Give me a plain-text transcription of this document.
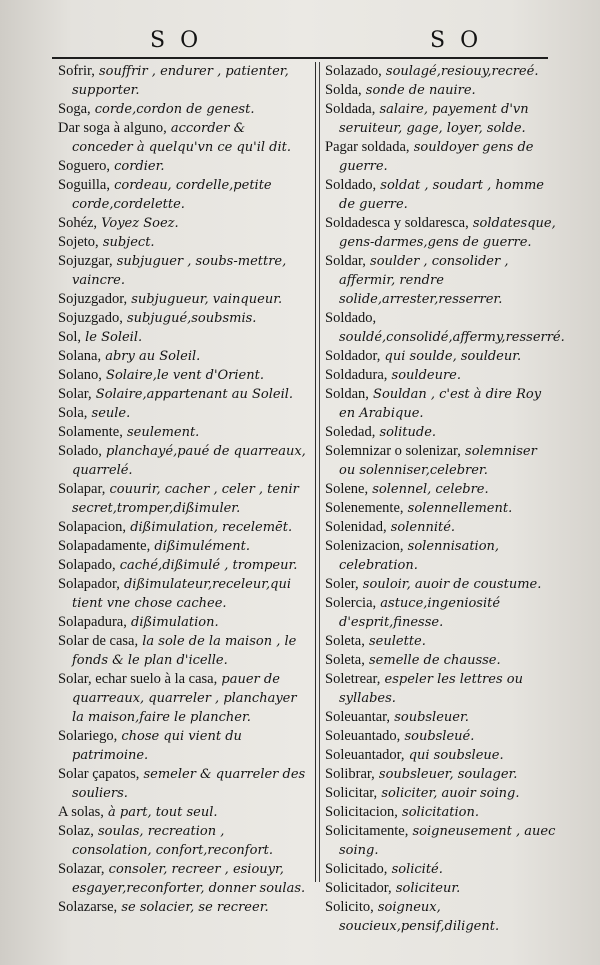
S O	S O

Sofrir, souffrir , endurer , patienter, supporter.

Soga, corde,cordon de genest.

Dar soga à alguno, accorder & conceder à quelqu'vn ce qu'il dit.

Soguero, cordier.

Soguilla, cordeau, cordelle,petite corde,cordelette.

Sohéz, Voyez Soez.

Sojeto, subject.

Sojuzgar, subjuguer , soubs-mettre, vaincre.

Sojuzgador, subjugueur, vainqueur.

Sojuzgado, subjugué,soubsmis.

Sol, le Soleil.

Solana, abry au Soleil.

Solano, Solaire,le vent d'Orient.

Solar, Solaire,appartenant au Soleil.

Sola, seule.

Solamente, seulement.

Solado, planchayé,paué de quarreaux, quarrelé.

Solapar, couurir, cacher , celer , tenir secret,tromper,dißimuler.

Solapacion, dißimulation, recelemēt.

Solapadamente, dißimulément.

Solapado, caché,dißimulé , trompeur.

Solapador, dißimulateur,receleur,qui tient vne chose cachee.

Solapadura, dißimulation.

Solar de casa, la sole de la maison , le fonds & le plan d'icelle.

Solar, echar suelo à la casa, pauer de quarreaux, quarreler , planchayer la maison,faire le plancher.

Solariego, chose qui vient du patrimoine.

Solar çapatos, semeler & quarreler des souliers.

A solas, à part, tout seul.

Solaz, soulas, recreation , consolation, confort,reconfort.

Solazar, consoler, recreer , esiouyr, esgayer,reconforter, donner soulas.

Solazarse, se solacier, se recreer.

Solazado, soulagé,resiouy,recreé.

Solda, sonde de nauire.

Soldada, salaire, payement d'vn seruiteur, gage, loyer, solde.

Pagar soldada, souldoyer gens de guerre.

Soldado, soldat , soudart , homme de guerre.

Soldadesca y soldaresca, soldatesque, gens-darmes,gens de guerre.

Soldar, soulder , consolider , affermir, rendre solide,arrester,resserrer.

Soldado, souldé,consolidé,affermy,resserré.

Soldador, qui soulde, souldeur.

Soldadura, souldeure.

Soldan, Souldan , c'est à dire Roy en Arabique.

Soledad, solitude.

Solemnizar o solenizar, solemniser ou solenniser,celebrer.

Solene, solennel, celebre.

Solenemente, solennellement.

Solenidad, solennité.

Solenizacion, solennisation, celebration.

Soler, souloir, auoir de coustume.

Solercia, astuce,ingeniosité d'esprit,finesse.

Soleta, seulette.

Soleta, semelle de chausse.

Soletrear, espeler les lettres ou syllabes.

Soleuantar, soubsleuer.

Soleuantado, soubsleué.

Soleuantador, qui soubsleue.

Solibrar, soubsleuer, soulager.

Solicitar, soliciter, auoir soing.

Solicitacion, solicitation.

Solicitamente, soigneusement , auec soing.

Solicitado, solicité.

Solicitador, soliciteur.

Solicito, soigneux, soucieux,pensif,diligent.
